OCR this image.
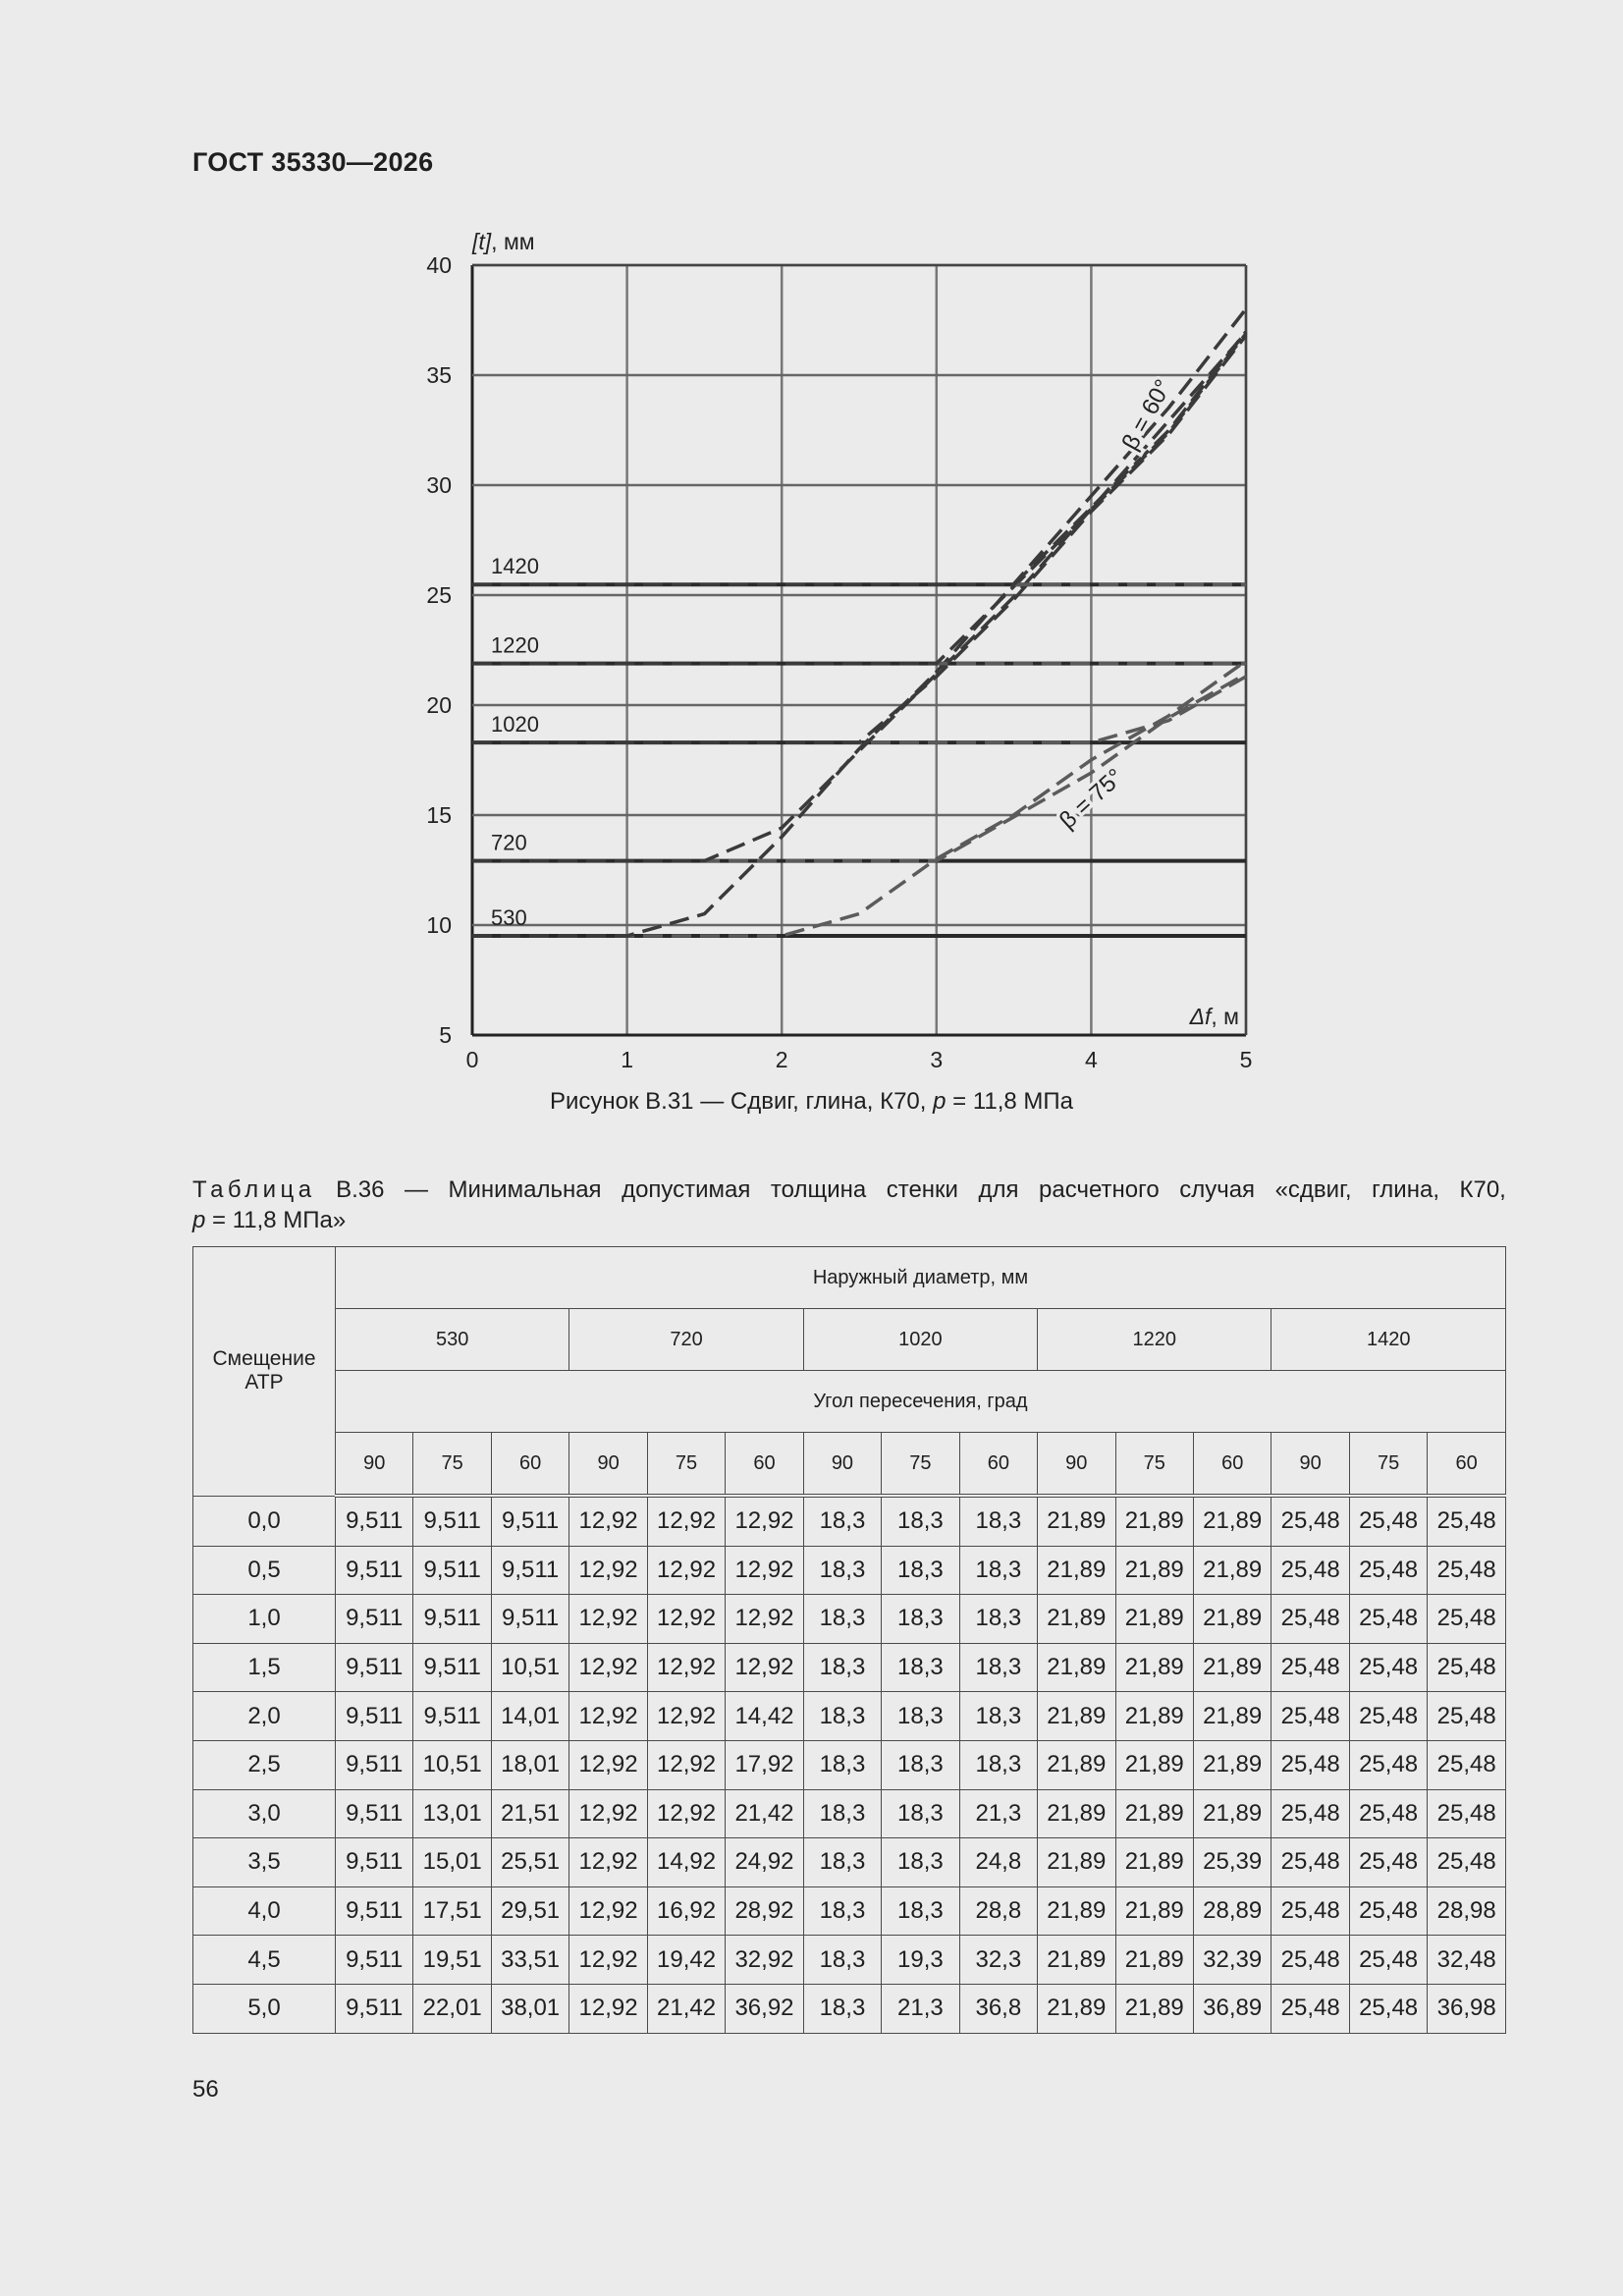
ГОСТ 35330—2026
530
720
1020
1220
1420
0	1	2	3	4	5
5
10
15
20
25
30
35
40
[t], мм
Δf, м
β = 60°
β = 75°
Рисунок В.31 — Сдвиг, глина, К70, p = 11,8 МПа
Таблица В.36 — Минимальная допустимая толщина стенки для расчетного случая «сдвиг, глина, К70,
p = 11,8 МПа»
Смещение АТР	Наружный диаметр, мм														
	530			720			1020			1220			1420		
	Угол пересечения, град														
	90	75	60	90	75	60	90	75	60	90	75	60	90	75	60
0,0	9,511	9,511	9,511	12,92	12,92	12,92	18,3	18,3	18,3	21,89	21,89	21,89	25,48	25,48	25,48
0,5	9,511	9,511	9,511	12,92	12,92	12,92	18,3	18,3	18,3	21,89	21,89	21,89	25,48	25,48	25,48
1,0	9,511	9,511	9,511	12,92	12,92	12,92	18,3	18,3	18,3	21,89	21,89	21,89	25,48	25,48	25,48
1,5	9,511	9,511	10,51	12,92	12,92	12,92	18,3	18,3	18,3	21,89	21,89	21,89	25,48	25,48	25,48
2,0	9,511	9,511	14,01	12,92	12,92	14,42	18,3	18,3	18,3	21,89	21,89	21,89	25,48	25,48	25,48
2,5	9,511	10,51	18,01	12,92	12,92	17,92	18,3	18,3	18,3	21,89	21,89	21,89	25,48	25,48	25,48
3,0	9,511	13,01	21,51	12,92	12,92	21,42	18,3	18,3	21,3	21,89	21,89	21,89	25,48	25,48	25,48
3,5	9,511	15,01	25,51	12,92	14,92	24,92	18,3	18,3	24,8	21,89	21,89	25,39	25,48	25,48	25,48
4,0	9,511	17,51	29,51	12,92	16,92	28,92	18,3	18,3	28,8	21,89	21,89	28,89	25,48	25,48	28,98
4,5	9,511	19,51	33,51	12,92	19,42	32,92	18,3	19,3	32,3	21,89	21,89	32,39	25,48	25,48	32,48
5,0	9,511	22,01	38,01	12,92	21,42	36,92	18,3	21,3	36,8	21,89	21,89	36,89	25,48	25,48	36,98
56
